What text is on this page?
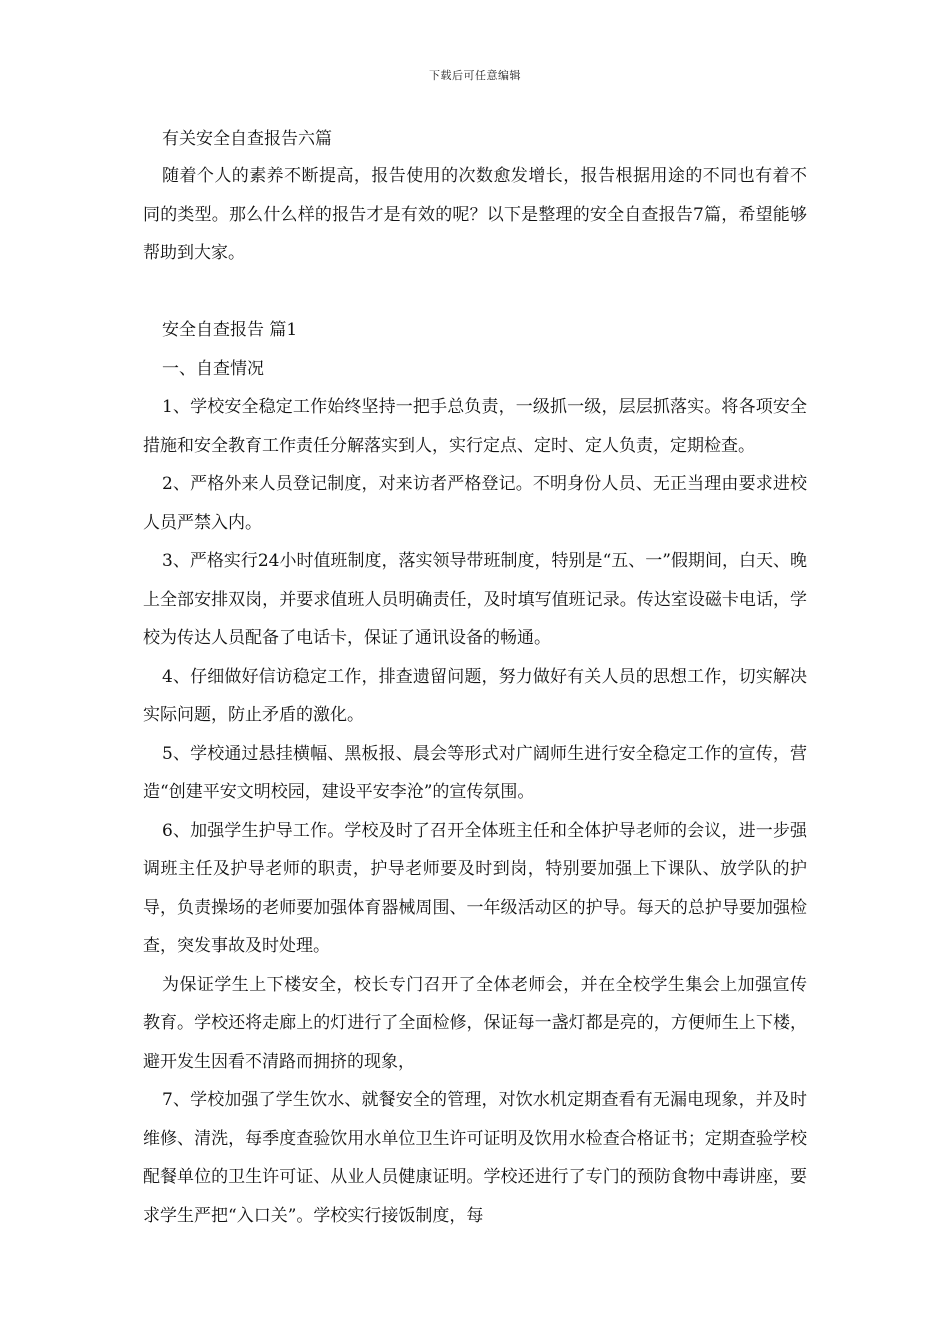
下载后可任意编辑

有关安全自查报告六篇

随着个人的素养不断提高，报告使用的次数愈发增长，报告根据用途的不同也有着不同的类型。那么什么样的报告才是有效的呢？以下是整理的安全自查报告7篇，希望能够帮助到大家。

安全自查报告 篇1

一、自查情况

1、学校安全稳定工作始终坚持一把手总负责，一级抓一级，层层抓落实。将各项安全措施和安全教育工作责任分解落实到人，实行定点、定时、定人负责，定期检查。

2、严格外来人员登记制度，对来访者严格登记。不明身份人员、无正当理由要求进校人员严禁入内。

3、严格实行24小时值班制度，落实领导带班制度，特别是“五、一”假期间，白天、晚上全部安排双岗，并要求值班人员明确责任，及时填写值班记录。传达室设磁卡电话，学校为传达人员配备了电话卡，保证了通讯设备的畅通。

4、仔细做好信访稳定工作，排查遗留问题，努力做好有关人员的思想工作，切实解决实际问题，防止矛盾的激化。

5、学校通过悬挂横幅、黑板报、晨会等形式对广阔师生进行安全稳定工作的宣传，营造“创建平安文明校园，建设平安李沧”的宣传氛围。

6、加强学生护导工作。学校及时了召开全体班主任和全体护导老师的会议，进一步强调班主任及护导老师的职责，护导老师要及时到岗，特别要加强上下课队、放学队的护导，负责操场的老师要加强体育器械周围、一年级活动区的护导。每天的总护导要加强检查，突发事故及时处理。

为保证学生上下楼安全，校长专门召开了全体老师会，并在全校学生集会上加强宣传教育。学校还将走廊上的灯进行了全面检修，保证每一盏灯都是亮的，方便师生上下楼，避开发生因看不清路而拥挤的现象，

7、学校加强了学生饮水、就餐安全的管理，对饮水机定期查看有无漏电现象，并及时维修、清洗，每季度查验饮用水单位卫生许可证明及饮用水检查合格证书；定期查验学校配餐单位的卫生许可证、从业人员健康证明。学校还进行了专门的预防食物中毒讲座，要求学生严把“入口关”。学校实行接饭制度，每
